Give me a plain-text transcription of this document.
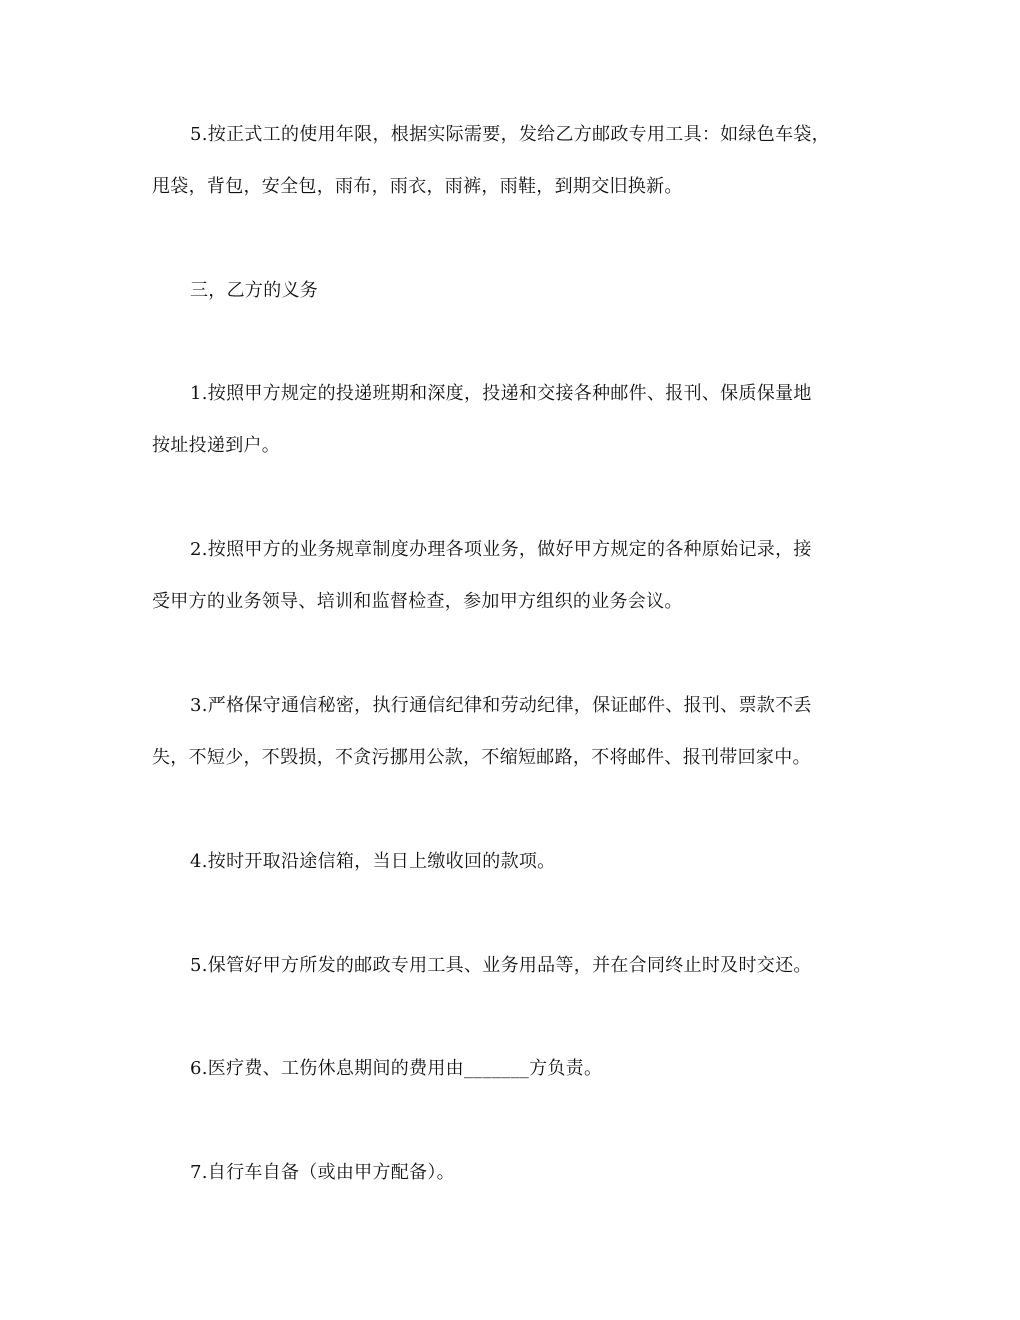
5.按正式工的使用年限，根据实际需要，发给乙方邮政专用工具：如绿色车袋，
甩袋，背包，安全包，雨布，雨衣，雨裤，雨鞋，到期交旧换新。
三，乙方的义务
1.按照甲方规定的投递班期和深度，投递和交接各种邮件、报刊、保质保量地
按址投递到户。
2.按照甲方的业务规章制度办理各项业务，做好甲方规定的各种原始记录，接
受甲方的业务领导、培训和监督检查，参加甲方组织的业务会议。
3.严格保守通信秘密，执行通信纪律和劳动纪律，保证邮件、报刊、票款不丢
失，不短少，不毁损，不贪污挪用公款，不缩短邮路，不将邮件、报刊带回家中。
4.按时开取沿途信箱，当日上缴收回的款项。
5.保管好甲方所发的邮政专用工具、业务用品等，并在合同终止时及时交还。
6.医疗费、工伤休息期间的费用由_______方负责。
7.自行车自备（或由甲方配备）。
